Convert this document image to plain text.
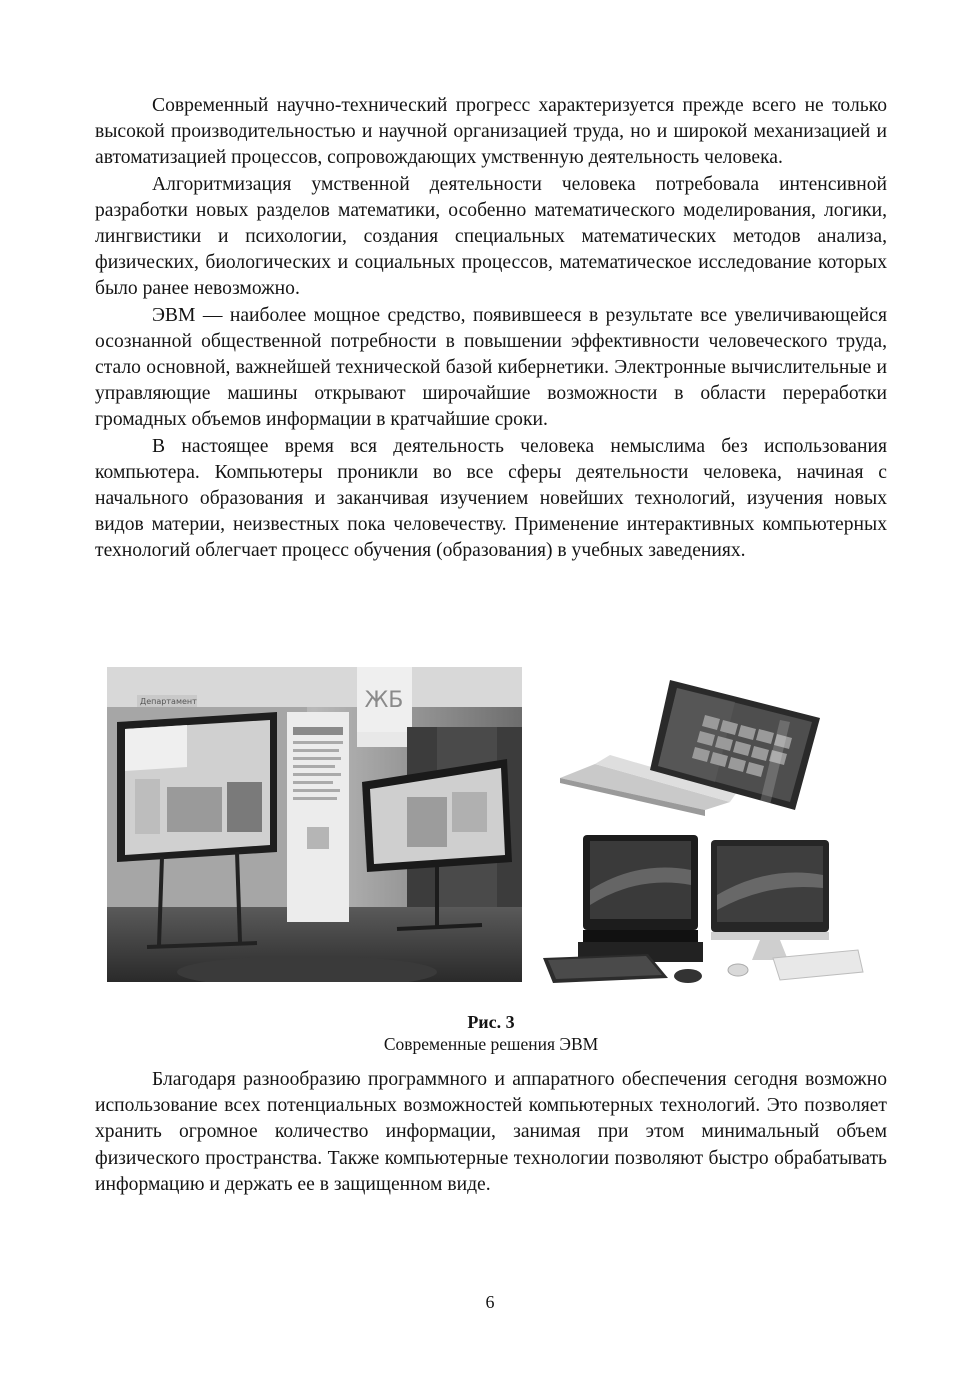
Современный научно-технический прогресс характеризуется прежде всего не только высокой производительностью и научной организацией труда, но и широкой механизацией и автоматизацией процессов, сопровождающих умственную деятельность человека.

Алгоритмизация умственной деятельности человека потребовала интенсивной разработки новых разделов математики, особенно математического моделирования, логики, лингвистики и психологии, создания специальных математических методов анализа, физических, биологических и социальных процессов, математическое исследование которых было ранее невозможно.

ЭВМ — наиболее мощное средство, появившееся в результате все увеличивающейся осознанной общественной потребности в повышении эффективности человеческого труда, стало основной, важнейшей технической базой кибернетики. Электронные вычислительные и управляющие машины открывают широчайшие возможности в области переработки громадных объемов информации в кратчайшие сроки.

В настоящее время вся деятельность человека немыслима без использования компьютера. Компьютеры проникли во все сферы деятельности человека, начиная с начального образования и заканчивая изучением новейших технологий, изучения новых видов материи, неизвестных пока человечеству. Применение интерактивных компьютерных технологий облегчает процесс обучения (образования) в учебных заведениях.

ЖБ
Департамент
Рис. 3
Современные решения ЭВМ

Благодаря разнообразию программного и аппаратного обеспечения сегодня возможно использование всех потенциальных возможностей компьютерных технологий. Это позволяет хранить огромное количество информации, занимая при этом минимальный объем физического пространства. Также компьютерные технологии позволяют быстро обрабатывать информацию и держать ее в защищенном виде.

6
